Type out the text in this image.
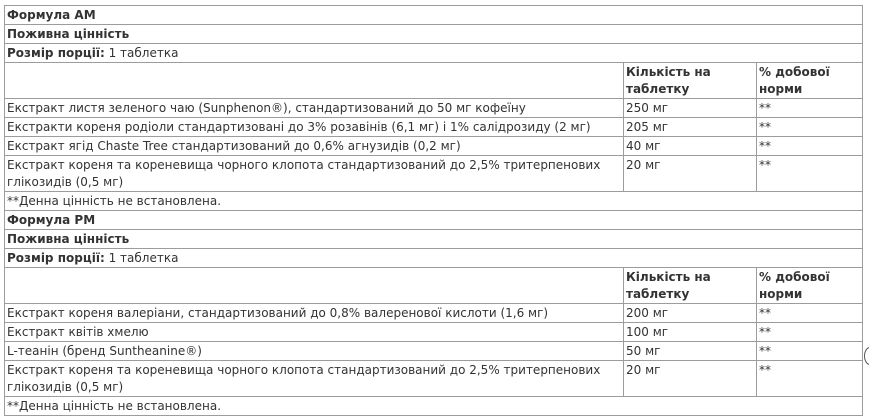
Формула AM		
Поживна цінність		
Розмір порції: 1 таблетка		
	Кількість на таблетку	% добової норми
Екстракт листя зеленого чаю (Sunphenon®), стандартизований до 50 мг кофеїну	250 мг	**
Екстракти кореня родіоли стандартизовані до 3% розавінів (6,1 мг) і 1% салідрозиду (2 мг)	205 мг	**
Екстракт ягід Chaste Tree стандартизований до 0,6% агнузидів (0,2 мг)	40 мг	**
Екстракт кореня та кореневища чорного клопота стандартизований до 2,5% тритерпенових глікозидів (0,5 мг)	20 мг	**
**Денна цінність не встановлена.		
Формула PM		
Поживна цінність		
Розмір порції: 1 таблетка		
	Кількість на таблетку	% добової норми
Екстракт кореня валеріани, стандартизований до 0,8% валеренової кислоти (1,6 мг)	200 мг	**
Екстракт квітів хмелю	100 мг	**
L-теанін (бренд Suntheanine®)	50 мг	**
Екстракт кореня та кореневища чорного клопота стандартизований до 2,5% тритерпенових глікозидів (0,5 мг)	20 мг	**
**Денна цінність не встановлена.		
